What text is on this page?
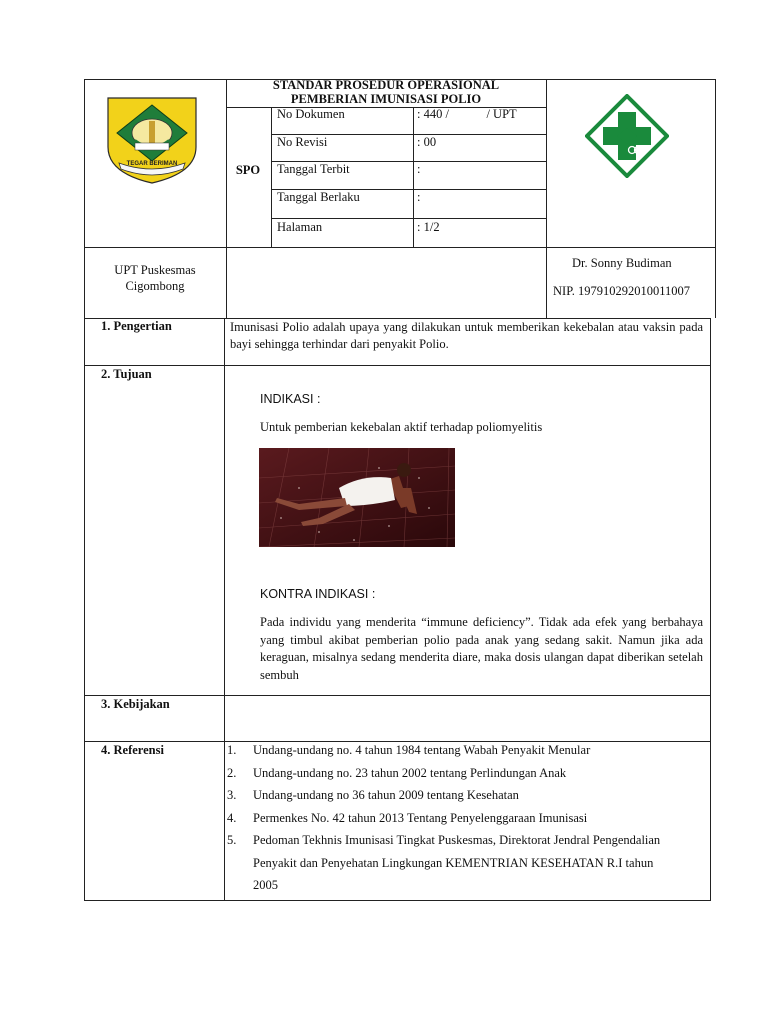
TEGAR BERIMAN
STANDAR PROSEDUR OPERASIONAL
PEMBERIAN IMUNISASI POLIO
SPO
No Dokumen	: 440 /            / UPT
No Revisi	: 00
Tanggal Terbit	:
Tanggal Berlaku	:
Halaman	: 1/2
UPT Puskesmas
Cigombong
Dr. Sonny Budiman
NIP. 197910292010011007
1. Pengertian	Imunisasi Polio adalah upaya yang dilakukan untuk memberikan kekebalan atau vaksin pada bayi sehingga terhindar dari penyakit Polio.
2. Tujuan
INDIKASI :
Untuk pemberian kekebalan aktif terhadap poliomyelitis
KONTRA INDIKASI :
Pada individu yang menderita “immune deficiency”. Tidak ada efek yang berbahaya yang timbul akibat pemberian polio pada anak yang sedang sakit. Namun jika ada keraguan, misalnya sedang menderita diare, maka dosis ulangan dapat diberikan setelah sembuh
3. Kebijakan
4. Referensi	1. Undang-undang no. 4 tahun 1984 tentang Wabah Penyakit Menular
2. Undang-undang no. 23 tahun 2002 tentang Perlindungan Anak
3. Undang-undang no 36 tahun 2009 tentang Kesehatan
4. Permenkes No. 42 tahun 2013 Tentang Penyelenggaraan Imunisasi
5. Pedoman Tekhnis Imunisasi Tingkat Puskesmas, Direktorat Jendral Pengendalian Penyakit dan Penyehatan Lingkungan KEMENTRIAN KESEHATAN R.I tahun 2005
